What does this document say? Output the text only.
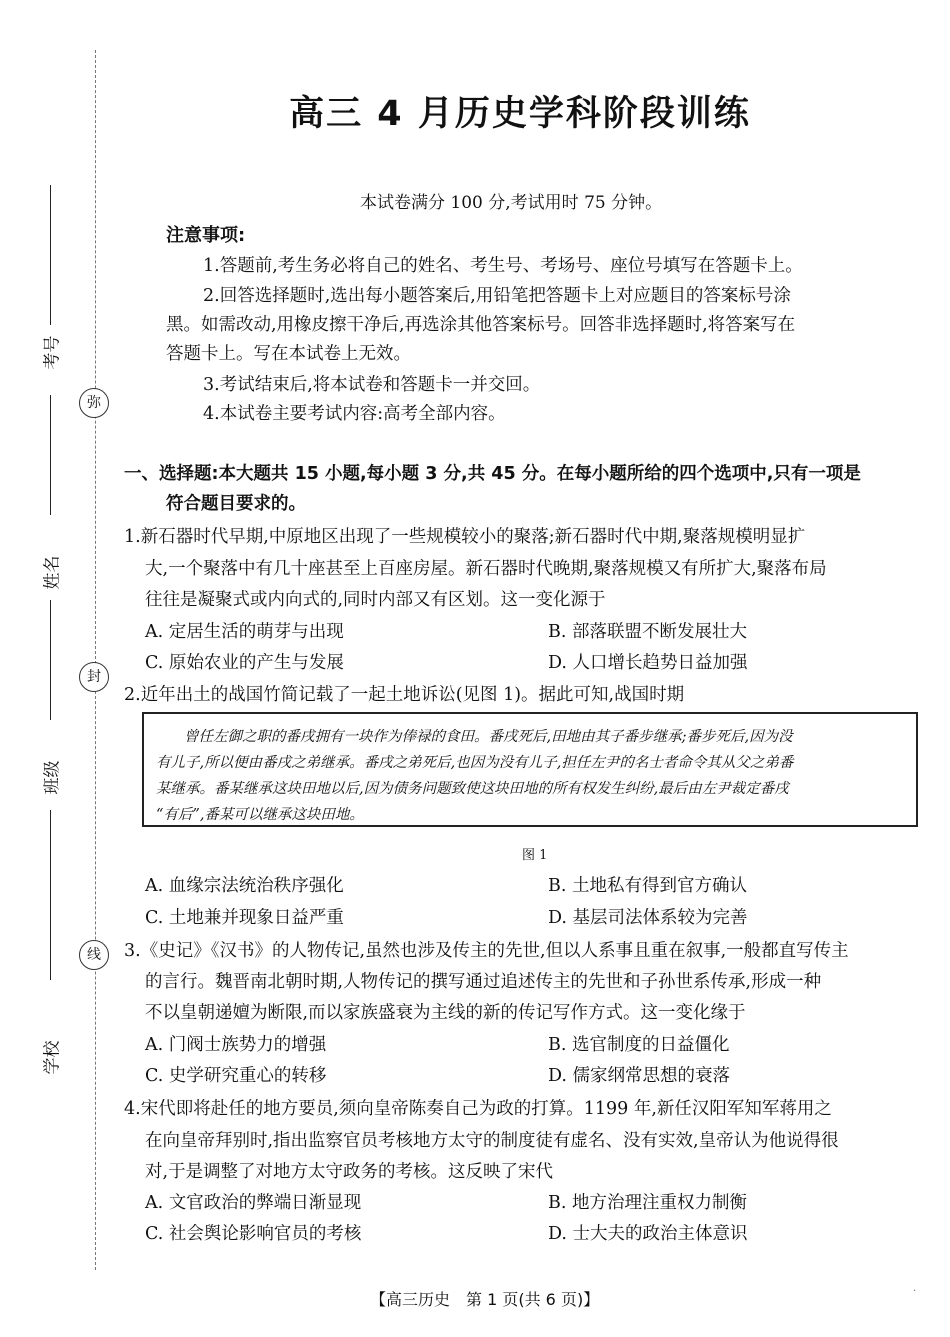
考号
姓名
班级
学校
弥
封
线
高三 4 月历史学科阶段训练
本试卷满分 100 分,考试用时 75 分钟。
注意事项:
1.答题前,考生务必将自己的姓名、考生号、考场号、座位号填写在答题卡上。
2.回答选择题时,选出每小题答案后,用铅笔把答题卡上对应题目的答案标号涂
黑。如需改动,用橡皮擦干净后,再选涂其他答案标号。回答非选择题时,将答案写在
答题卡上。写在本试卷上无效。
3.考试结束后,将本试卷和答题卡一并交回。
4.本试卷主要考试内容:高考全部内容。
一、选择题:本大题共 15 小题,每小题 3 分,共 45 分。在每小题所给的四个选项中,只有一项是
符合题目要求的。
1.新石器时代早期,中原地区出现了一些规模较小的聚落;新石器时代中期,聚落规模明显扩
大,一个聚落中有几十座甚至上百座房屋。新石器时代晚期,聚落规模又有所扩大,聚落布局
往往是凝聚式或内向式的,同时内部又有区划。这一变化源于
A. 定居生活的萌芽与出现	B. 部落联盟不断发展壮大
C. 原始农业的产生与发展	D. 人口增长趋势日益加强
2.近年出土的战国竹简记载了一起土地诉讼(见图 1)。据此可知,战国时期
曾任左御之职的番戌拥有一块作为俸禄的食田。番戌死后,田地由其子番步继承;番步死后,因为没
有儿子,所以便由番戌之弟继承。番戌之弟死后,也因为没有儿子,担任左尹的名士者命令其从父之弟番
某继承。番某继承这块田地以后,因为债务问题致使这块田地的所有权发生纠纷,最后由左尹裁定番戌
“有后”,番某可以继承这块田地。
图 1
A. 血缘宗法统治秩序强化	B. 土地私有得到官方确认
C. 土地兼并现象日益严重	D. 基层司法体系较为完善
3.《史记》《汉书》的人物传记,虽然也涉及传主的先世,但以人系事且重在叙事,一般都直写传主
的言行。魏晋南北朝时期,人物传记的撰写通过追述传主的先世和子孙世系传承,形成一种
不以皇朝递嬗为断限,而以家族盛衰为主线的新的传记写作方式。这一变化缘于
A. 门阀士族势力的增强	B. 选官制度的日益僵化
C. 史学研究重心的转移	D. 儒家纲常思想的衰落
4.宋代即将赴任的地方要员,须向皇帝陈奏自己为政的打算。1199 年,新任汉阳军知军蒋用之
在向皇帝拜别时,指出监察官员考核地方太守的制度徒有虚名、没有实效,皇帝认为他说得很
对,于是调整了对地方太守政务的考核。这反映了宋代
A. 文官政治的弊端日渐显现	B. 地方治理注重权力制衡
C. 社会舆论影响官员的考核	D. 士大夫的政治主体意识
【高三历史　第 1 页(共 6 页)】
.
